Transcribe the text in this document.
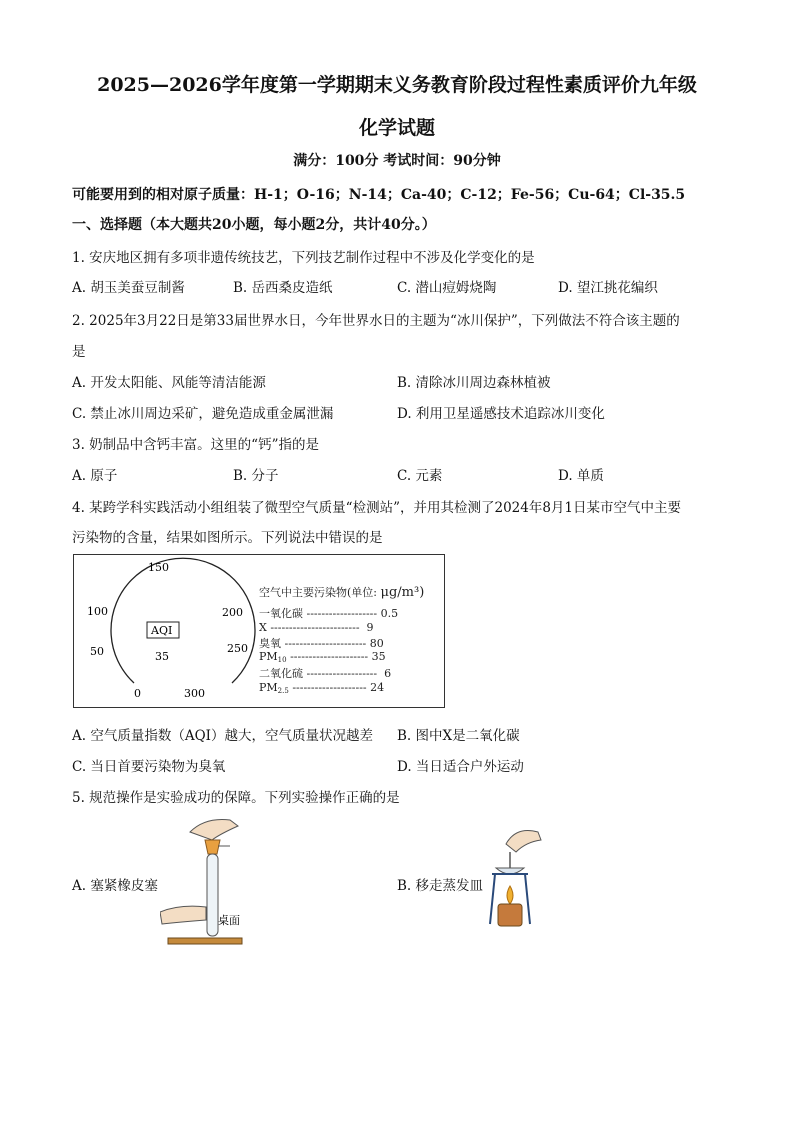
2025—2026学年度第一学期期末义务教育阶段过程性素质评价九年级
化学试题
满分：100分 考试时间：90分钟
可能要用到的相对原子质量：H-1；O-16；N-14；Ca-40；C-12；Fe-56；Cu-64；Cl-35.5
一、选择题（本大题共20小题，每小题2分，共计40分。）
1. 安庆地区拥有多项非遗传统技艺，下列技艺制作过程中不涉及化学变化的是
A. 胡玉美蚕豆制酱	B. 岳西桑皮造纸	C. 潜山痘姆烧陶	D. 望江挑花编织
2. 2025年3月22日是第33届世界水日，今年世界水日的主题为“冰川保护”，下列做法不符合该主题的
是
A. 开发太阳能、风能等清洁能源	B. 清除冰川周边森林植被
C. 禁止冰川周边采矿，避免造成重金属泄漏	D. 利用卫星遥感技术追踪冰川变化
3. 奶制品中含钙丰富。这里的“钙”指的是
A. 原子	B. 分子	C. 元素	D. 单质
4. 某跨学科实践活动小组组装了微型空气质量“检测站”，并用其检测了2024年8月1日某市空气中主要
污染物的含量，结果如图所示。下列说法中错误的是
0
50
100
150
200
250
300
AQI
35
空气中主要污染物(单位: μg/m³)
一氧化碳 ------------------- 0.5
X ------------------------ 9
臭氧 ---------------------- 80
$PM_{10}$ --------------------- 35
二氧化硫 ------------------- 6
$PM_{2.5}$ -------------------- 24
A. 空气质量指数（AQI）越大，空气质量状况越差 B. 图中X是二氧化碳
C. 当日首要污染物为臭氧	D. 当日适合户外运动
5. 规范操作是实验成功的保障。下列实验操作正确的是
A. 塞紧橡皮塞	B. 移走蒸发皿
桌面
